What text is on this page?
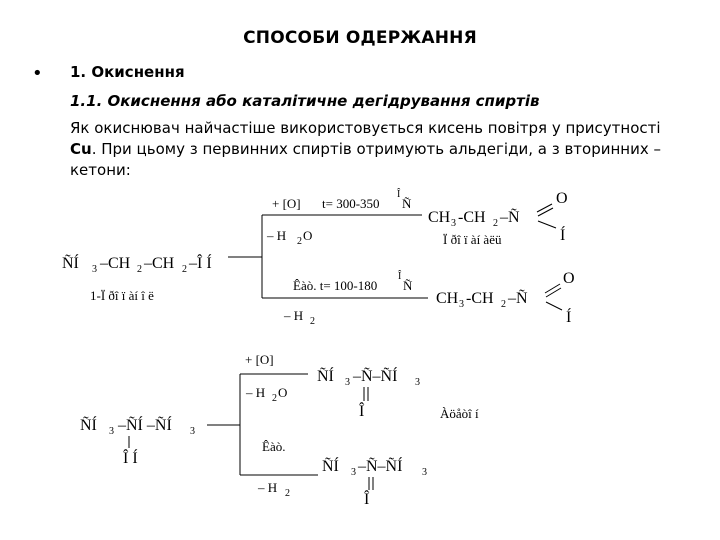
СПОСОБИ ОДЕРЖАННЯ
• 1. Окиснення
1.1. Окиснення або каталітичне дегідрування спиртів
Як окиснювач найчастіше використовується кисень повітря у присутності Cu. При цьому з первинних спиртів отримують альдегіди, а з вторинних – кетони:
ÑÍ 3 –CH 2 –CH 2 –Î Í
1-Ï ðî ï àí î ë
+ [O] t= 300-350
Î
Ñ
– H 2 O
CH 3 -CH 2 –Ñ
O
Í
Ï ðî ï àí àëü
Êàò. t= 100-180
Î
Ñ
– H 2
CH 3 -CH 2 –Ñ
O
Í
ÑÍ 3 –ÑÍ –ÑÍ 3
Î Í
+ [O]
– H 2 O
ÑÍ 3 –Ñ–ÑÍ 3
Î	Àöåòî í
Êàò.
– H 2
ÑÍ 3 –Ñ–ÑÍ 3
Î
